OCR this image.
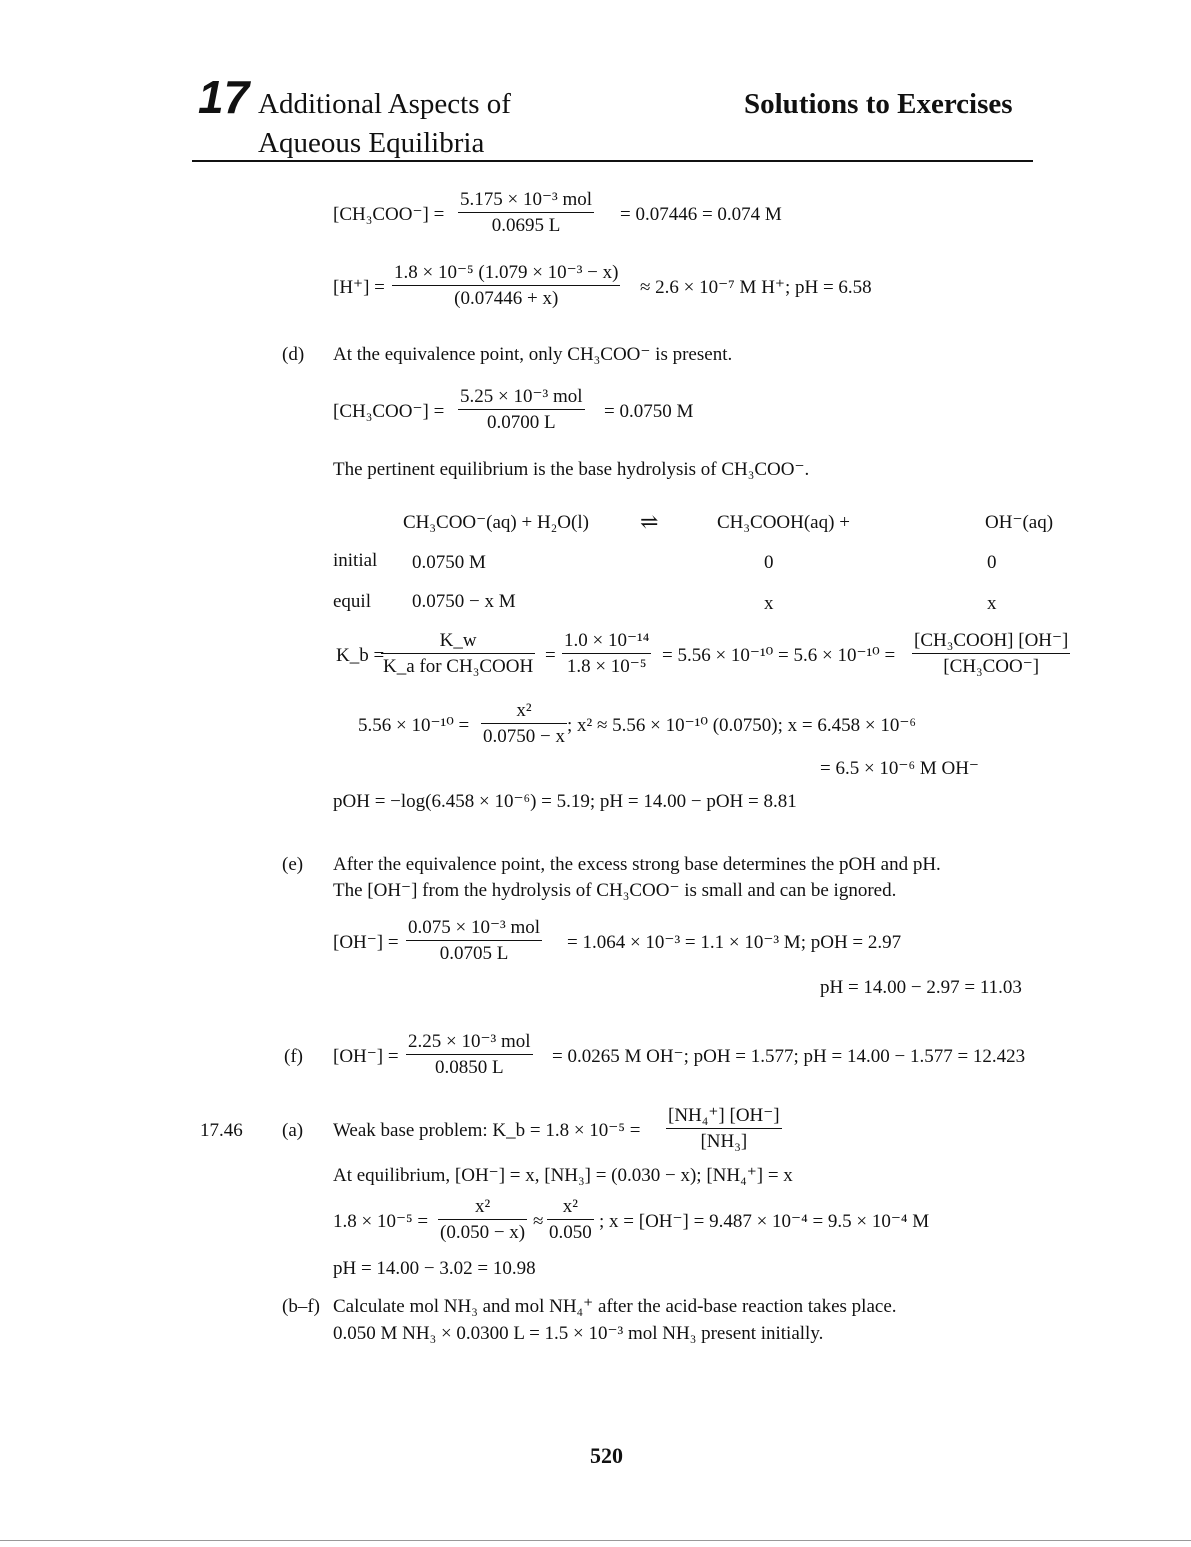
17 Additional Aspects of
Aqueous Equilibria
Solutions to Exercises
[CH₃COO⁻] =
5.175 × 10⁻³ mol
0.0695 L
= 0.07446 = 0.074 M
$[H^+] = \frac{\text{1.8 × 10⁻⁵ (1.079 × 10⁻³ − x)}}{(0.07446 + x)} \approx 2.6 \times 10^{-7}$ M H⁺; pH = 6.58
(d) At the equivalence point, only CH₃COO⁻ is present.
[CH₃COO⁻] =
5.25 × 10⁻³ mol
0.0700 L
= 0.0750 M
The pertinent equilibrium is the base hydrolysis of CH₃COO⁻.
CH₃COO⁻(aq) + H₂O(l) ⇌	CH₃COOH(aq) +	OH⁻(aq)
initial 0.0750 M	0	0
equil 0.0750 − x M	x	x
K_b =
K_w
K_a for CH₃COOH
= $\frac{\text{1.0 × 10⁻¹⁴}}{\text{1.8 × 10⁻⁵}} = 5.56 \times 10^{-10} = 5.6 \times 10^{-10}$ =
[CH₃COOH] [OH⁻]
[CH₃COO⁻]
$5.56 \times 10^{-10} = \frac{\text{x²}}{0.0750 - x}$ ; x² ≈ 5.56 × 10⁻¹⁰ (0.0750); x = 6.458 × 10⁻⁶
= 6.5 × 10⁻⁶ M OH⁻
pOH = −log(6.458 × 10⁻⁶) = 5.19; pH = 14.00 − pOH = 8.81
(e) After the equivalence point, the excess strong base determines the pOH and pH.
The [OH⁻] from the hydrolysis of CH₃COO⁻ is small and can be ignored.
[OH⁻] =
0.075 × 10⁻³ mol
0.0705 L
= 1.064 × 10⁻³ = 1.1 × 10⁻³ M; pOH = 2.97
pH = 14.00 − 2.97 = 11.03
(f) [OH⁻] =
2.25 × 10⁻³ mol
0.0850 L
= 0.0265 M OH⁻; pOH = 1.577; pH = 14.00 − 1.577 = 12.423
17.46 (a) Weak base problem: K_b = $1.8 \times 10^{-5} = \frac{\text{[NH₄⁺] [OH⁻]}}{\text{[NH₃]}}$
At equilibrium, [OH⁻] = x, [NH₃] = (0.030 − x); [NH₄⁺] = x
$1.8 \times 10^{-5} = \frac{\text{x²}}{(0.050 - x)} \approx \frac{\text{x²}}{0.050}$ ; x = [OH⁻] = 9.487 × 10⁻⁴ = 9.5 × 10⁻⁴ M
pH = 14.00 − 3.02 = 10.98
(b–f) Calculate mol NH₃ and mol NH₄⁺ after the acid-base reaction takes place.
0.050 M NH₃ × 0.0300 L = 1.5 × 10⁻³ mol NH₃ present initially.
520
